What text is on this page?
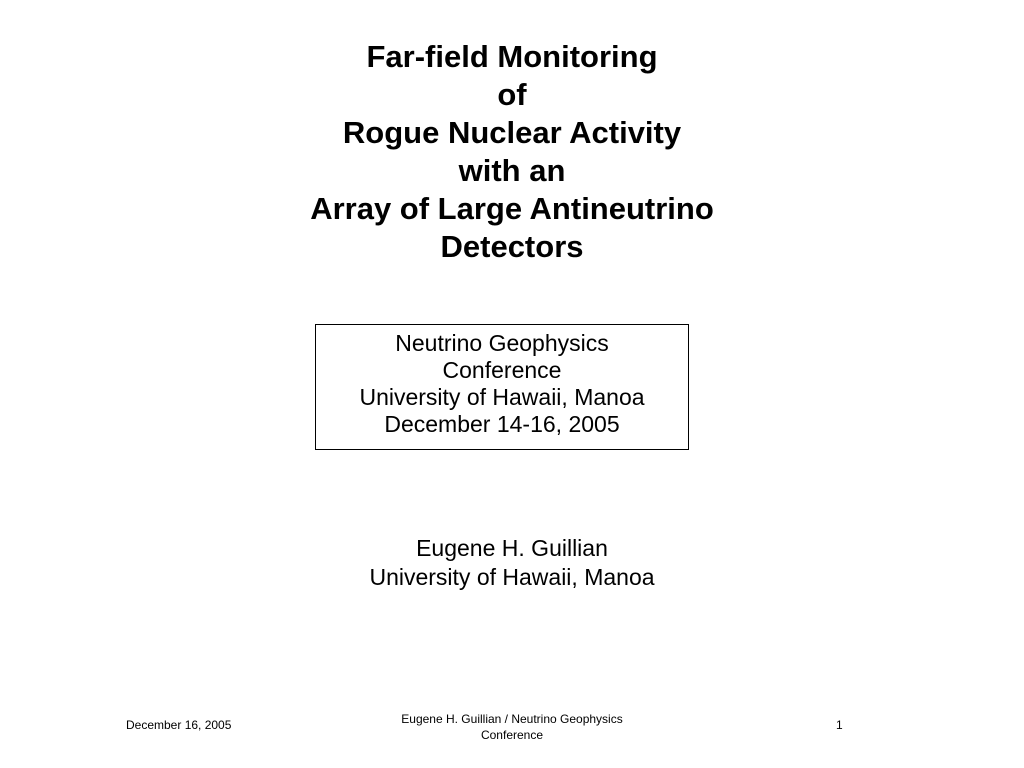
Far-field Monitoring
of
Rogue Nuclear Activity
with an
Array of Large Antineutrino
Detectors
Neutrino Geophysics
Conference
University of Hawaii, Manoa
December 14-16, 2005
Eugene H. Guillian
University of Hawaii, Manoa
December 16, 2005	Eugene H. Guillian / Neutrino Geophysics
Conference
1
